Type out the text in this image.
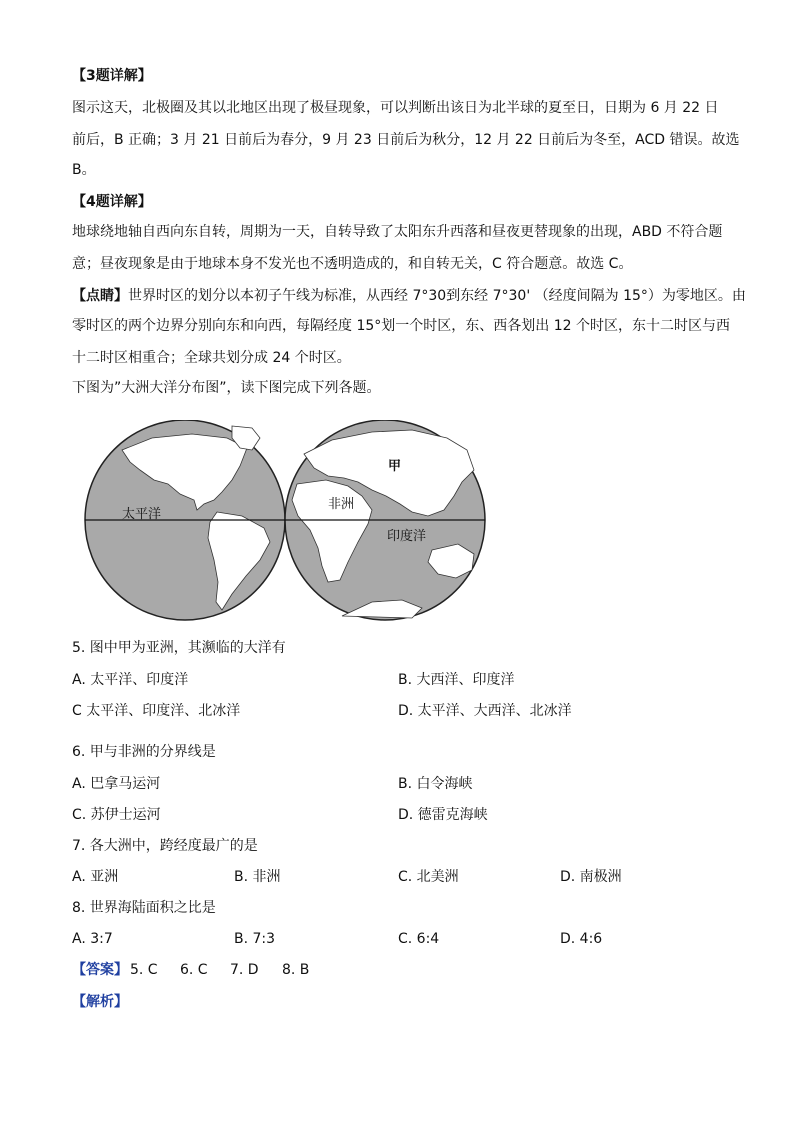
【3题详解】
图示这天，北极圈及其以北地区出现了极昼现象，可以判断出该日为北半球的夏至日，日期为 6 月 22 日
前后，B 正确；3 月 21 日前后为春分，9 月 23 日前后为秋分，12 月 22 日前后为冬至，ACD 错误。故选
B。
【4题详解】
地球绕地轴自西向东自转，周期为一天，自转导致了太阳东升西落和昼夜更替现象的出现，ABD 不符合题
意；昼夜现象是由于地球本身不发光也不透明造成的，和自转无关，C 符合题意。故选 C。
【点睛】世界时区的划分以本初子午线为标准，从西经 7°30到东经 7°30' （经度间隔为 15°）为零地区。由
零时区的两个边界分别向东和向西，每隔经度 15°划一个时区，东、西各划出 12 个时区，东十二时区与西
十二时区相重合；全球共划分成 24 个时区。
下图为”大洲大洋分布图”，读下图完成下列各题。
太平洋
非洲
甲
印度洋
5. 图中甲为亚洲，其濒临的大洋有
A. 太平洋、印度洋	B. 大西洋、印度洋
C 太平洋、印度洋、北冰洋	D. 太平洋、大西洋、北冰洋
6. 甲与非洲的分界线是
A. 巴拿马运河	B. 白令海峡
C. 苏伊士运河	D. 德雷克海峡
7. 各大洲中，跨经度最广的是
A. 亚洲	B. 非洲	C. 北美洲	D. 南极洲
8. 世界海陆面积之比是
A. 3:7	B. 7:3	C. 6:4	D. 4:6
【答案】 5. C 6. C 7. D 8. B
【解析】
